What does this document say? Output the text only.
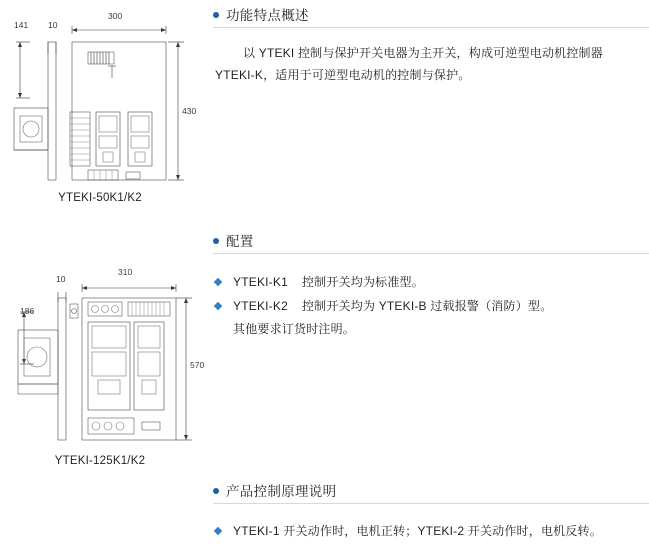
141 10
300
430
YTEKI-50K1/K2
10
310
186
570
YTEKI-125K1/K2
功能特点概述
以 YTEKI 控制与保护开关电器为主开关，构成可逆型电动机控制器
YTEKI-K，适用于可逆型电动机的控制与保护。
配置
YTEKI-K1 控制开关均为标准型。
YTEKI-K2 控制开关均为 YTEKI-B 过载报警（消防）型。
其他要求订货时注明。
产品控制原理说明
YTEKI-1 开关动作时，电机正转；YTEKI-2 开关动作时，电机反转。
